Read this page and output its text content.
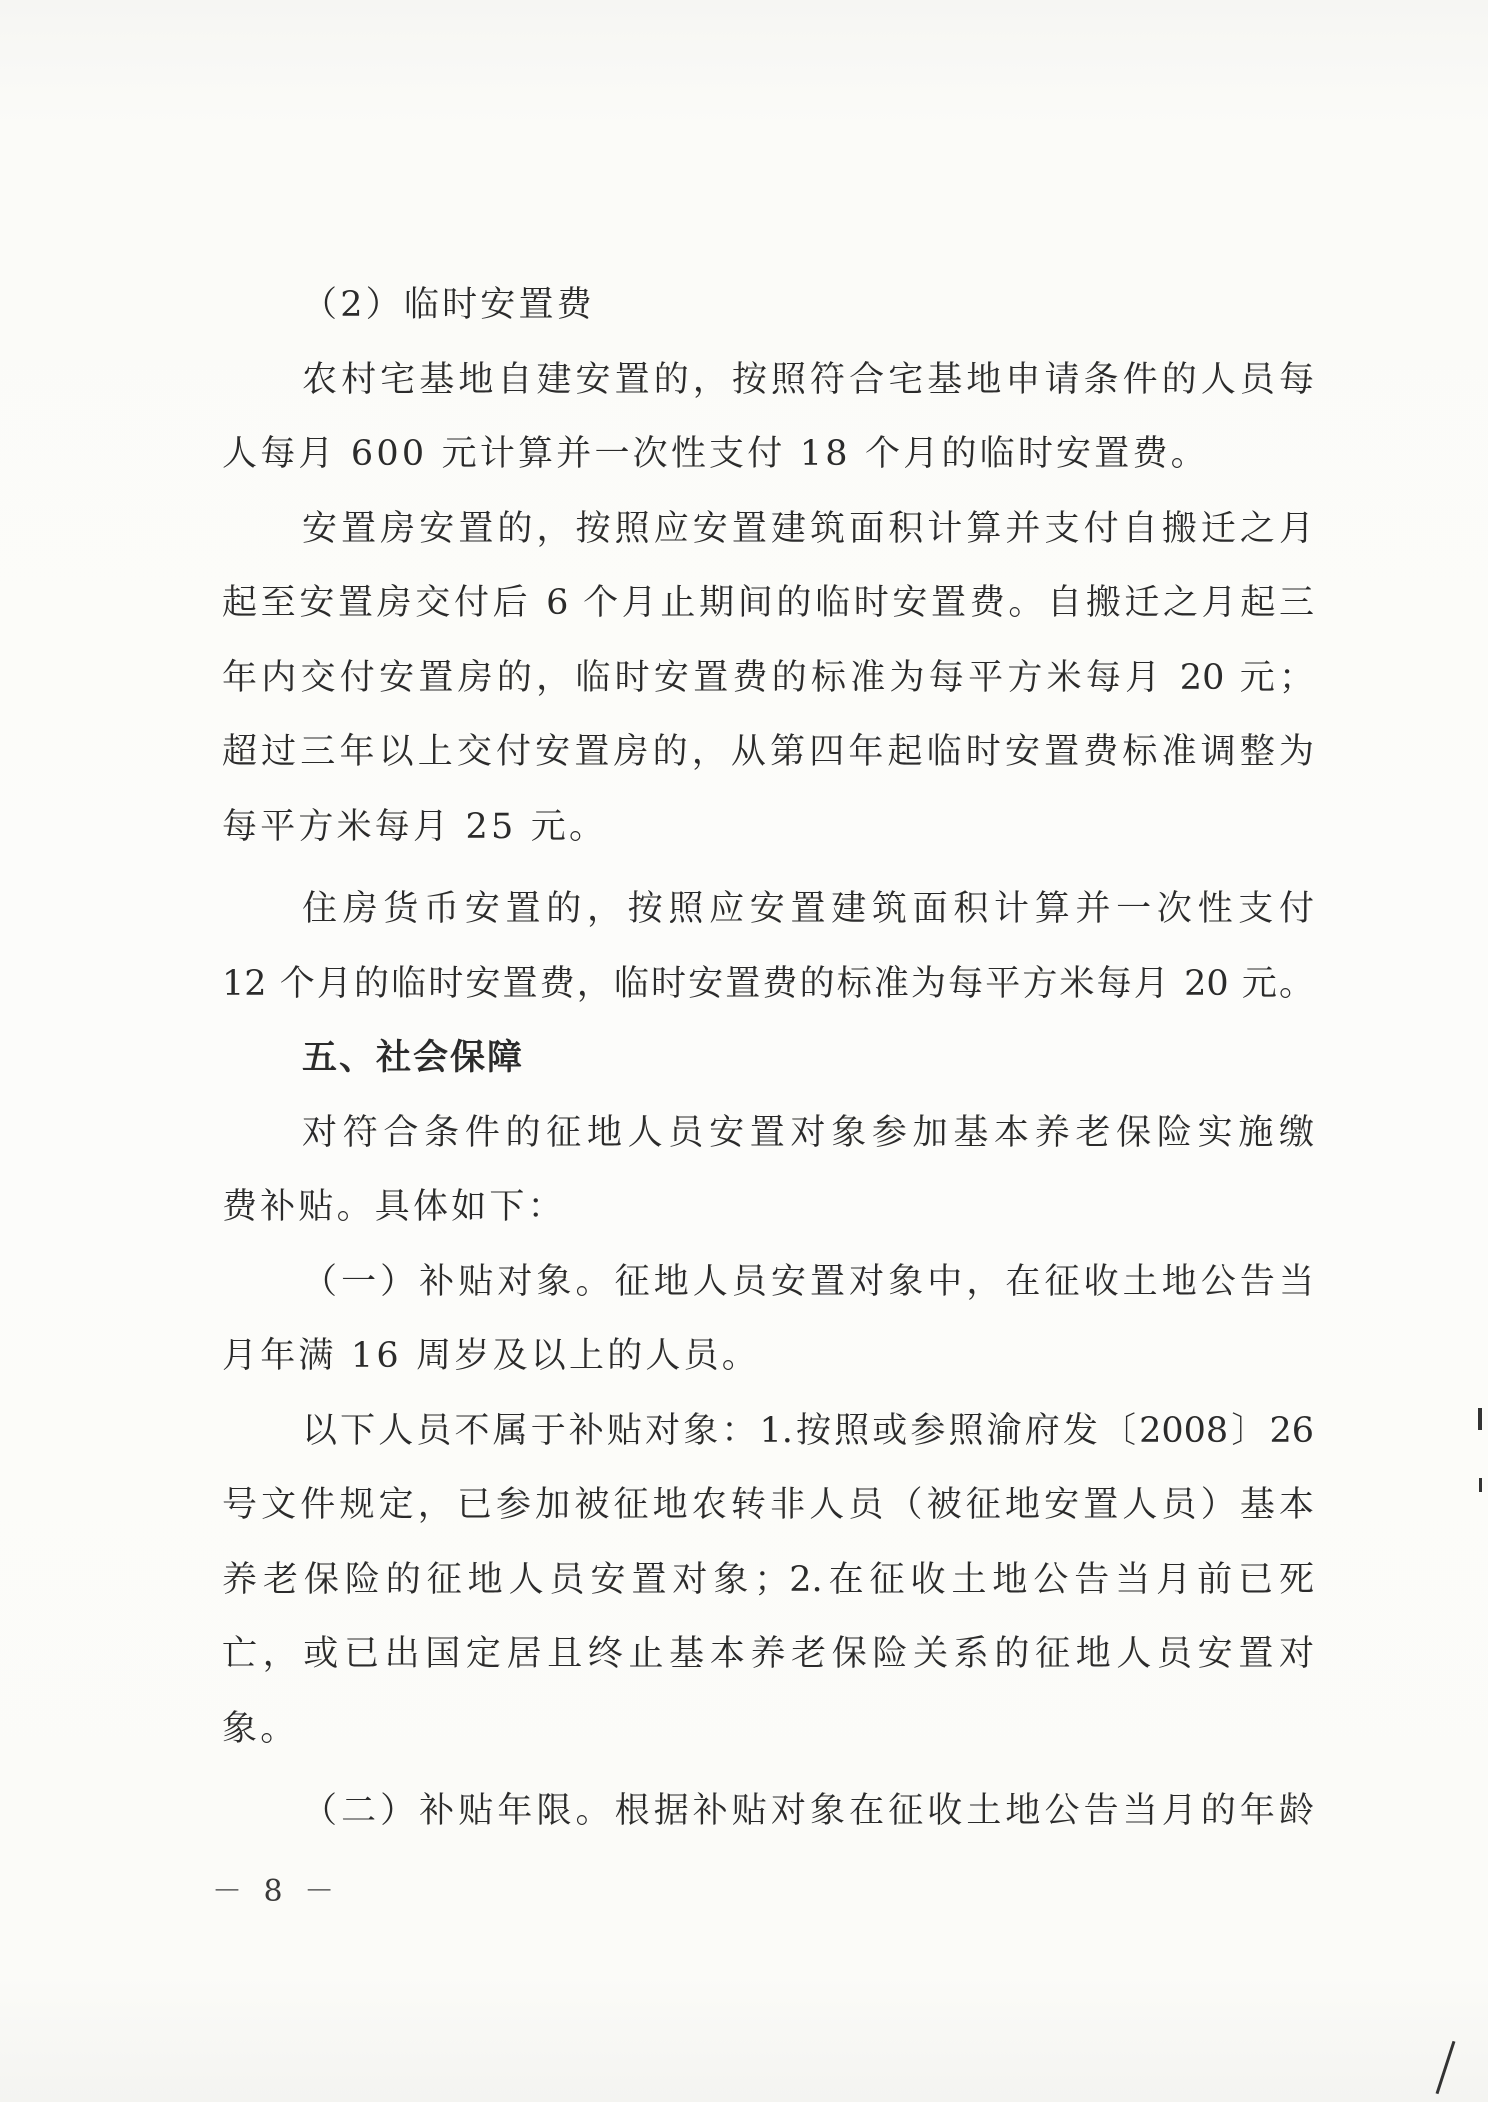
（2）临时安置费
农村宅基地自建安置的，按照符合宅基地申请条件的人员每
人每月 600 元计算并一次性支付 18 个月的临时安置费。
安置房安置的，按照应安置建筑面积计算并支付自搬迁之月
起至安置房交付后 6 个月止期间的临时安置费。自搬迁之月起三
年内交付安置房的，临时安置费的标准为每平方米每月 20 元；
超过三年以上交付安置房的，从第四年起临时安置费标准调整为
每平方米每月 25 元。
住房货币安置的，按照应安置建筑面积计算并一次性支付
12 个月的临时安置费，临时安置费的标准为每平方米每月 20 元。
五、社会保障
对符合条件的征地人员安置对象参加基本养老保险实施缴
费补贴。具体如下：
（一）补贴对象。征地人员安置对象中，在征收土地公告当
月年满 16 周岁及以上的人员。
以下人员不属于补贴对象：1.按照或参照渝府发〔2008〕26
号文件规定，已参加被征地农转非人员（被征地安置人员）基本
养老保险的征地人员安置对象；2.在征收土地公告当月前已死
亡，或已出国定居且终止基本养老保险关系的征地人员安置对
象。
（二）补贴年限。根据补贴对象在征收土地公告当月的年龄
－ 8 －
